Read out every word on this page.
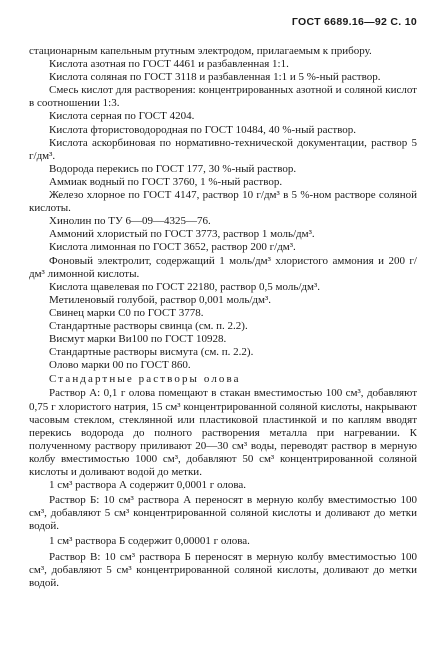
ГОСТ 6689.16—92 С. 10

стационарным капельным ртутным электродом, прилагаемым к прибору.

Кислота азотная по ГОСТ 4461 и разбавленная 1:1.

Кислота соляная по ГОСТ 3118 и разбавленная 1:1 и 5 %-ный раствор.

Смесь кислот для растворения: концентрированных азотной и соляной кислот в соотношении 1:3.

Кислота серная по ГОСТ 4204.

Кислота фтористоводородная по ГОСТ 10484, 40 %-ный раствор.

Кислота аскорбиновая по нормативно-технической документации, раствор 5 г/дм³.

Водорода перекись по ГОСТ 177, 30 %-ный раствор.

Аммиак водный по ГОСТ 3760, 1 %-ный раствор.

Железо хлорное по ГОСТ 4147, раствор 10 г/дм³ в 5 %-ном растворе соляной кислоты.

Хинолин по ТУ 6—09—4325—76.

Аммоний хлористый по ГОСТ 3773, раствор 1 моль/дм³.

Кислота лимонная по ГОСТ 3652, раствор 200 г/дм³.

Фоновый электролит, содержащий 1 моль/дм³ хлористого аммония и 200 г/дм³ лимонной кислоты.

Кислота щавелевая по ГОСТ 22180, раствор 0,5 моль/дм³.

Метиленовый голубой, раствор 0,001 моль/дм³.

Свинец марки С0 по ГОСТ 3778.

Стандартные растворы свинца (см. п. 2.2).

Висмут марки Ви100 по ГОСТ 10928.

Стандартные растворы висмута (см. п. 2.2).

Олово марки 00 по ГОСТ 860.

Стандартные растворы олова

Раствор А: 0,1 г олова помещают в стакан вместимостью 100 см³, добавляют 0,75 г хлористого натрия, 15 см³ концентрированной соляной кислоты, накрывают часовым стеклом, стеклянной или пластиковой пластинкой и по каплям вводят перекись водорода до полного растворения металла при нагревании. К полученному раствору приливают 20—30 см³ воды, переводят раствор в мерную колбу вместимостью 1000 см³, добавляют 50 см³ концентрированной соляной кислоты и доливают водой до метки.

1 см³ раствора А содержит 0,0001 г олова.

Раствор Б: 10 см³ раствора А переносят в мерную колбу вместимостью 100 см³, добавляют 5 см³ концентрированной соляной кислоты и доливают до метки водой.

1 см³ раствора Б содержит 0,00001 г олова.

Раствор В: 10 см³ раствора Б переносят в мерную колбу вместимостью 100 см³, добавляют 5 см³ концентрированной соляной кислоты, доливают до метки водой.
